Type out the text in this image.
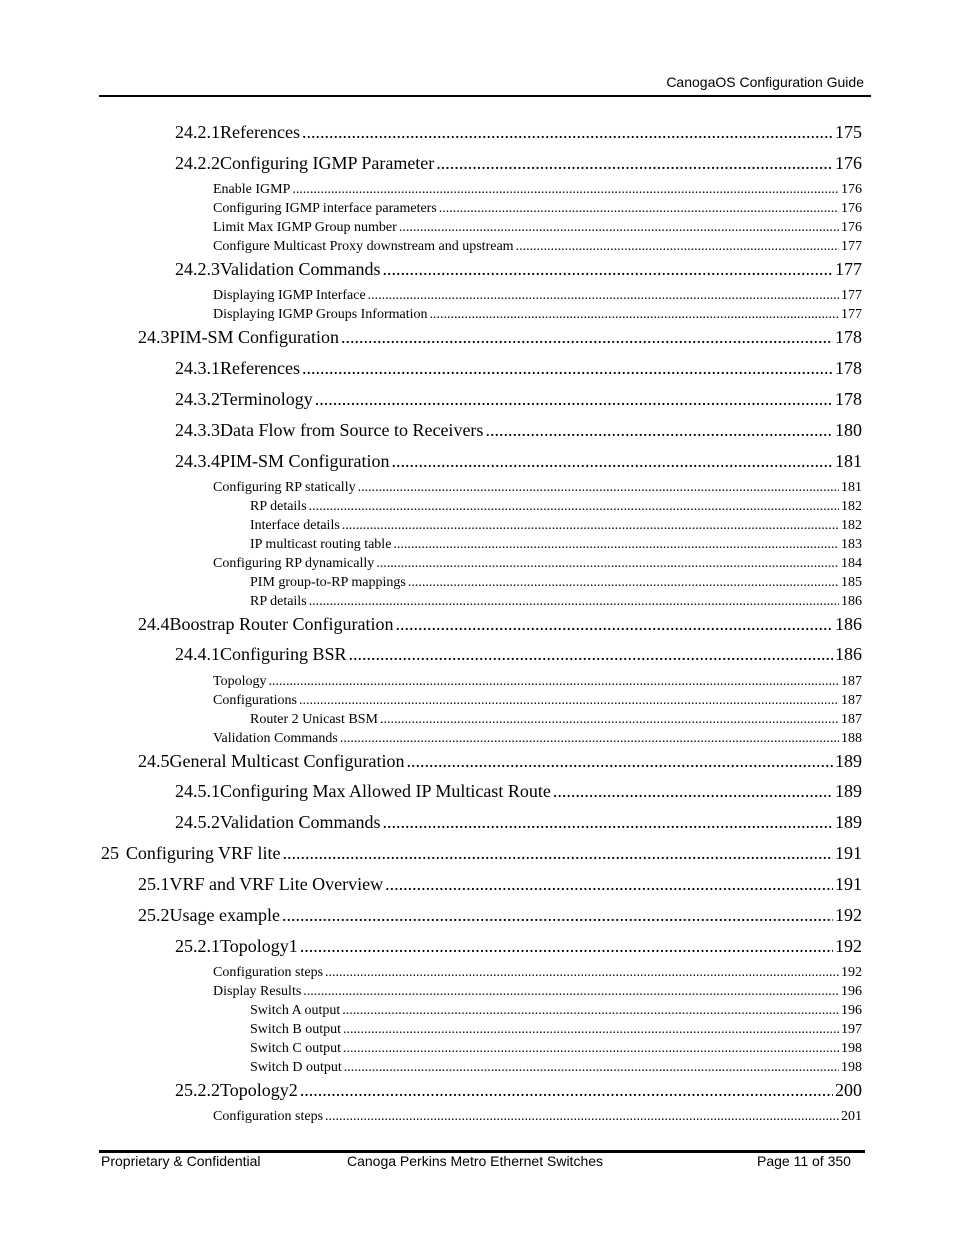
CanogaOS Configuration Guide
24.2.1 References .....	175
24.2.2 Configuring IGMP Parameter .....	176
Enable IGMP .....	176
Configuring IGMP interface parameters .....	176
Limit Max IGMP Group number .....	176
Configure Multicast Proxy downstream and upstream .....	177
24.2.3 Validation Commands .....	177
Displaying IGMP Interface .....	177
Displaying IGMP Groups Information .....	177
24.3 PIM-SM Configuration .....	178
24.3.1 References .....	178
24.3.2 Terminology .....	178
24.3.3 Data Flow from Source to Receivers .....	180
24.3.4 PIM-SM Configuration .....	181
Configuring RP statically .....	181
RP details .....	182
Interface details .....	182
IP multicast routing table .....	183
Configuring RP dynamically .....	184
PIM group-to-RP mappings .....	185
RP details .....	186
24.4 Boostrap Router Configuration .....	186
24.4.1 Configuring BSR .....	186
Topology .....	187
Configurations .....	187
Router 2 Unicast BSM .....	187
Validation Commands .....	188
24.5 General Multicast Configuration .....	189
24.5.1 Configuring Max Allowed IP Multicast Route .....	189
24.5.2 Validation Commands .....	189
25 Configuring VRF lite .....	191
25.1 VRF and VRF Lite Overview .....	191
25.2 Usage example .....	192
25.2.1 Topology1 .....	192
Configuration steps .....	192
Display Results .....	196
Switch A output .....	196
Switch B output .....	197
Switch C output .....	198
Switch D output .....	198
25.2.2 Topology2 .....	200
Configuration steps .....	201
Proprietary & Confidential	Canoga Perkins Metro Ethernet Switches	Page 11 of 350
